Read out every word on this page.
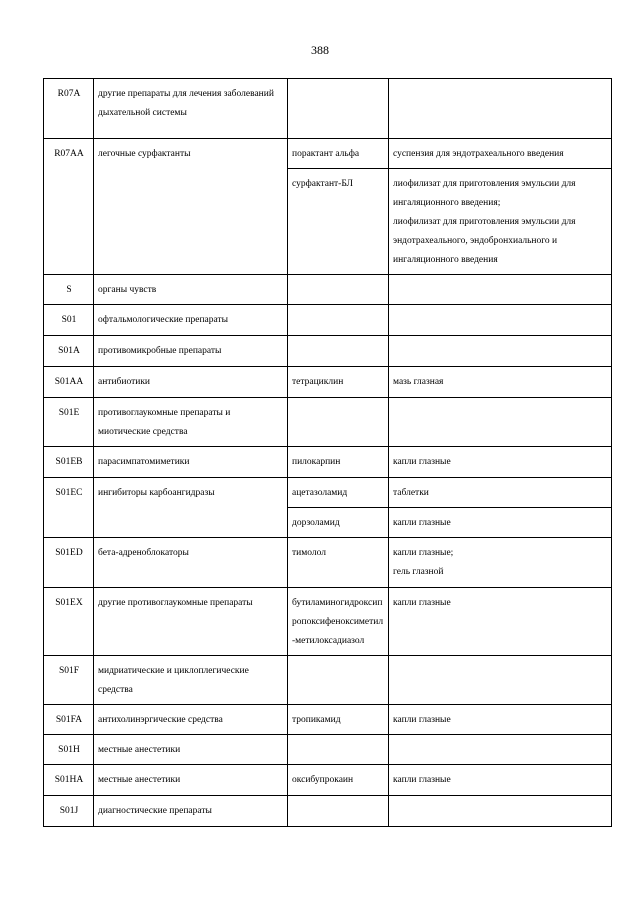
388
R07A	другие препараты для лечения заболеваний дыхательной системы		
R07AA	легочные сурфактанты	порактант альфа	суспензия для эндотрахеального введения

		сурфактант-БЛ	лиофилизат для приготовления эмульсии для ингаляционного введения;
лиофилизат для приготовления эмульсии для эндотрахеального, эндобронхиального и ингаляционного введения

S	органы чувств		
S01	офтальмологические препараты		
S01A	противомикробные препараты		
S01AA	антибиотики	тетрациклин	мазь глазная

S01E	противоглаукомные препараты и миотические средства		
S01EB	парасимпатомиметики	пилокарпин	капли глазные

S01EC	ингибиторы карбоангидразы	ацетазоламид	таблетки

		дорзоламид	капли глазные

S01ED	бета-адреноблокаторы	тимолол	капли глазные;
гель глазной

S01EX	другие противоглаукомные препараты	бутиламиногидроксипропоксифеноксиметил-метилоксадиазол	капли глазные

S01F	мидриатические и циклоплегические средства		
S01FA	антихолинэргические средства	тропикамид	капли глазные

S01H	местные анестетики		
S01HA	местные анестетики	оксибупрокаин	капли глазные

S01J	диагностические препараты		
